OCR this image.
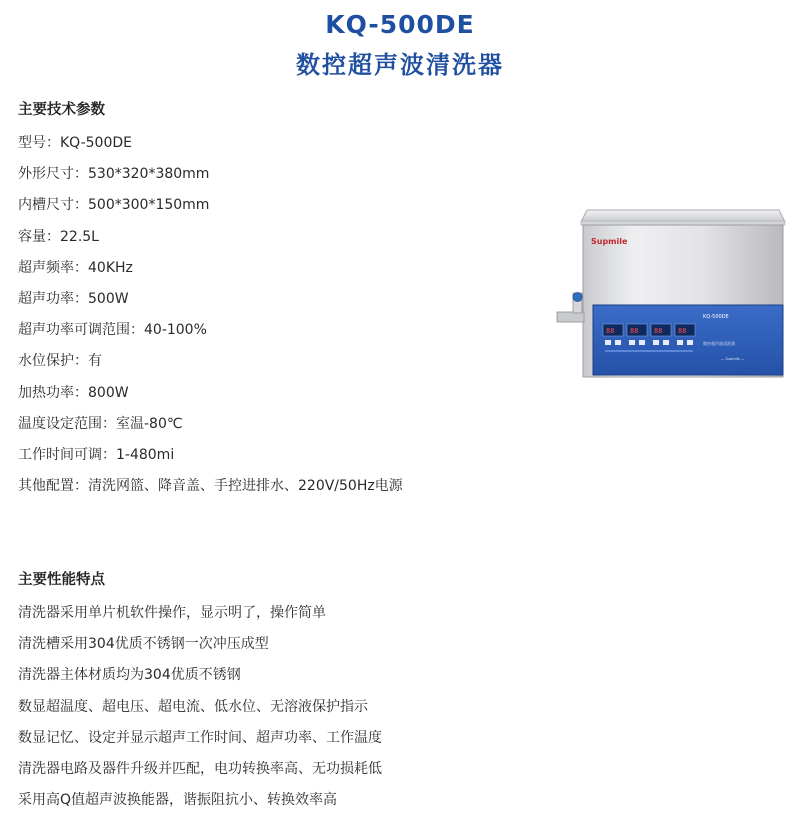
KQ-500DE
数控超声波清洗器
主要技术参数
型号：KQ-500DE
外形尺寸：530*320*380mm
内槽尺寸：500*300*150mm
容量：22.5L
超声频率：40KHz
超声功率：500W
超声功率可调范围：40-100%
水位保护：有
加热功率：800W
温度设定范围：室温-80℃
工作时间可调：1-480mi
其他配置：清洗网篮、降音盖、手控进排水、220V/50Hz电源
主要性能特点
清洗器采用单片机软件操作，显示明了，操作简单
清洗槽采用304优质不锈钢一次冲压成型
清洗器主体材质均为304优质不锈钢
数显超温度、超电压、超电流、低水位、无溶液保护指示
数显记忆、设定并显示超声工作时间、超声功率、工作温度
清洗器电路及器件升级并匹配，电功转换率高、无功损耗低
采用高Q值超声波换能器，谐振阻抗小、转换效率高
Supmile
KQ-500DE
数控超声波清洗器
— Supmile —
88 88 88 88
